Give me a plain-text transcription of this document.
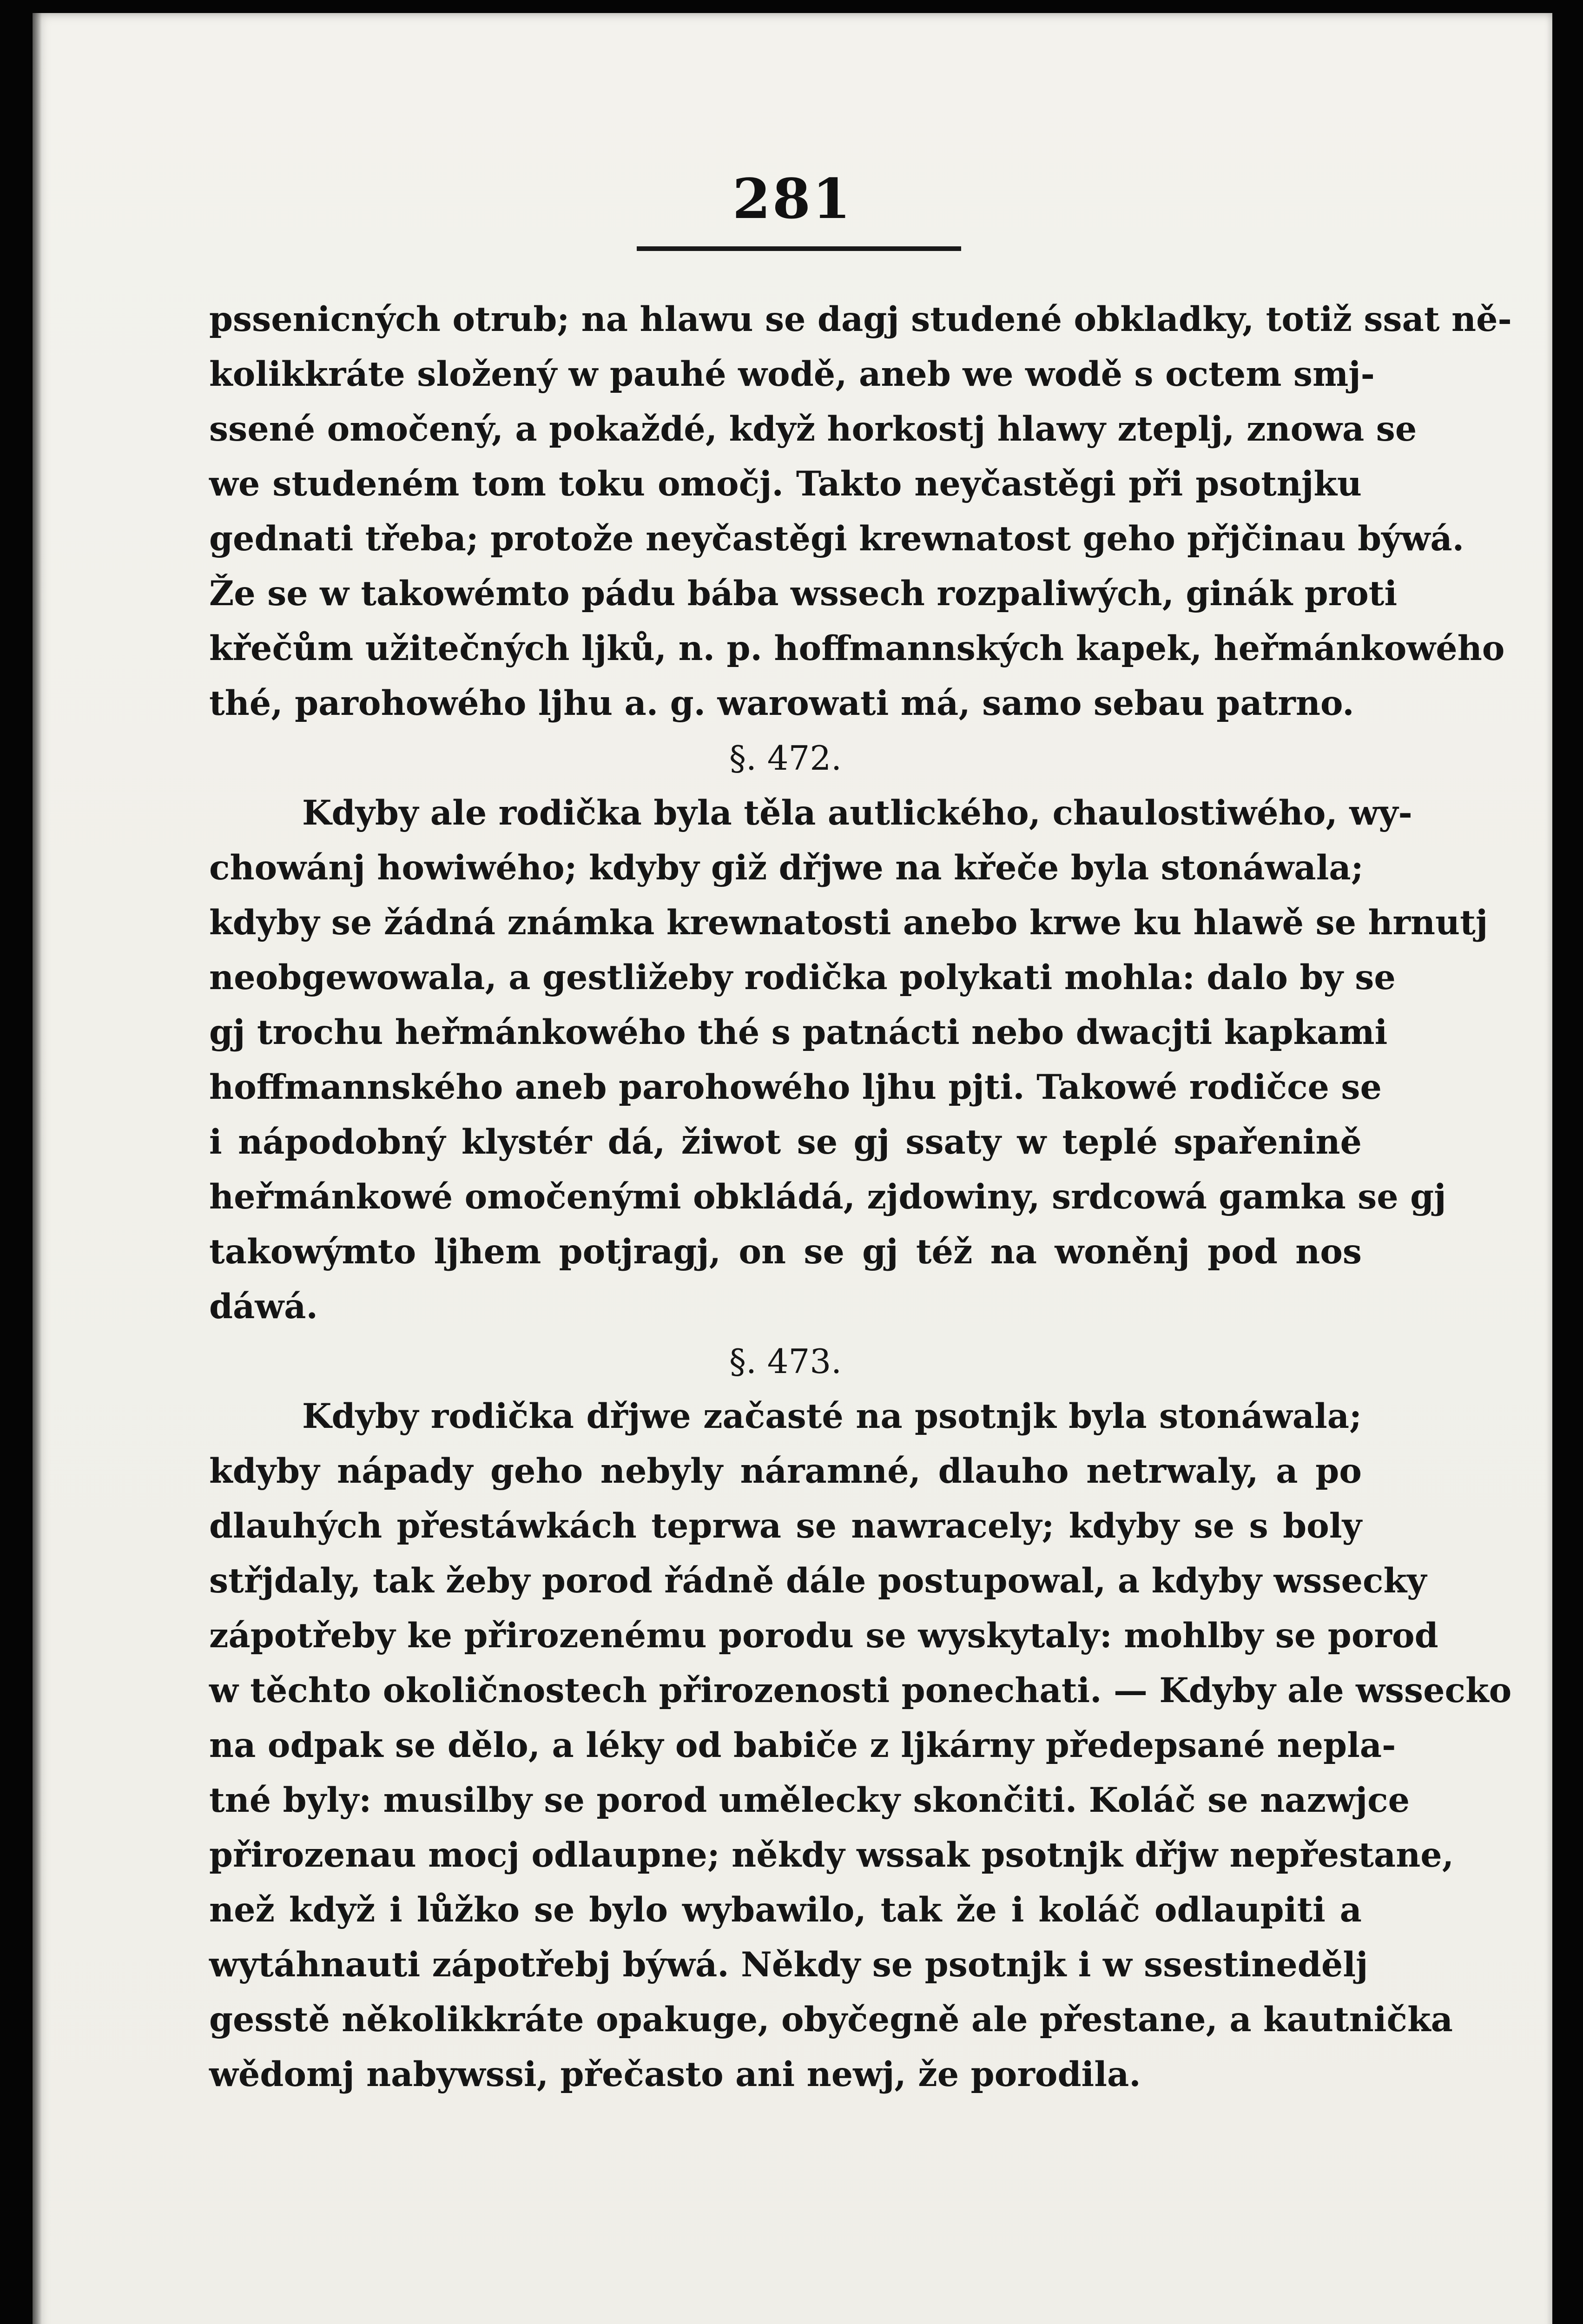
281
pssenicných otrub; na hlawu se dagj studené obkladky, totiž ssat ně-
kolikkráte složený w pauhé wodě, aneb we wodě s octem smj-
ssené omočený, a pokaždé, když horkostj hlawy zteplj, znowa se
we studeném tom toku omočj. Takto neyčastěgi při psotnjku
gednati třeba; protože neyčastěgi krewnatost geho přjčinau býwá.
Že se w takowémto pádu bába wssech rozpaliwých, ginák proti
křečům užitečných ljků, n. p. hoffmannských kapek, heřmánkowého
thé, parohowého ljhu a. g. warowati má, samo sebau patrno.
§. 472.
Kdyby ale rodička byla těla autlického, chaulostiwého, wy-
chowánj howiwého; kdyby giž dřjwe na křeče byla stonáwala;
kdyby se žádná známka krewnatosti anebo krwe ku hlawě se hrnutj
neobgewowala, a gestližeby rodička polykati mohla: dalo by se
gj trochu heřmánkowého thé s patnácti nebo dwacjti kapkami
hoffmannského aneb parohowého ljhu pjti. Takowé rodičce se
i nápodobný klystér dá, žiwot se gj ssaty w teplé spařenině
heřmánkowé omočenými obkládá, zjdowiny, srdcowá gamka se gj
takowýmto ljhem potjragj, on se gj též na woněnj pod nos
dáwá.
§. 473.
Kdyby rodička dřjwe začasté na psotnjk byla stonáwala;
kdyby nápady geho nebyly náramné, dlauho netrwaly, a po
dlauhých přestáwkách teprwa se nawracely; kdyby se s boly
střjdaly, tak žeby porod řádně dále postupowal, a kdyby wssecky
zápotřeby ke přirozenému porodu se wyskytaly: mohlby se porod
w těchto okoličnostech přirozenosti ponechati. — Kdyby ale wssecko
na odpak se dělo, a léky od babiče z ljkárny předepsané nepla-
tné byly: musilby se porod uměleckу skončiti. Koláč se nazwjce
přirozenau mocj odlaupne; někdy wssak psotnjk dřjw nepřestane,
než když i lůžko se bylo wybawilo, tak že i koláč odlaupiti a
wytáhnauti zápotřebj býwá. Někdy se psotnjk i w ssestinedělj
gesstě několikkráte opakuge, obyčegně ale přestane, a kautnička
wědomj nabywssi, přečasto ani newj, že porodila.
